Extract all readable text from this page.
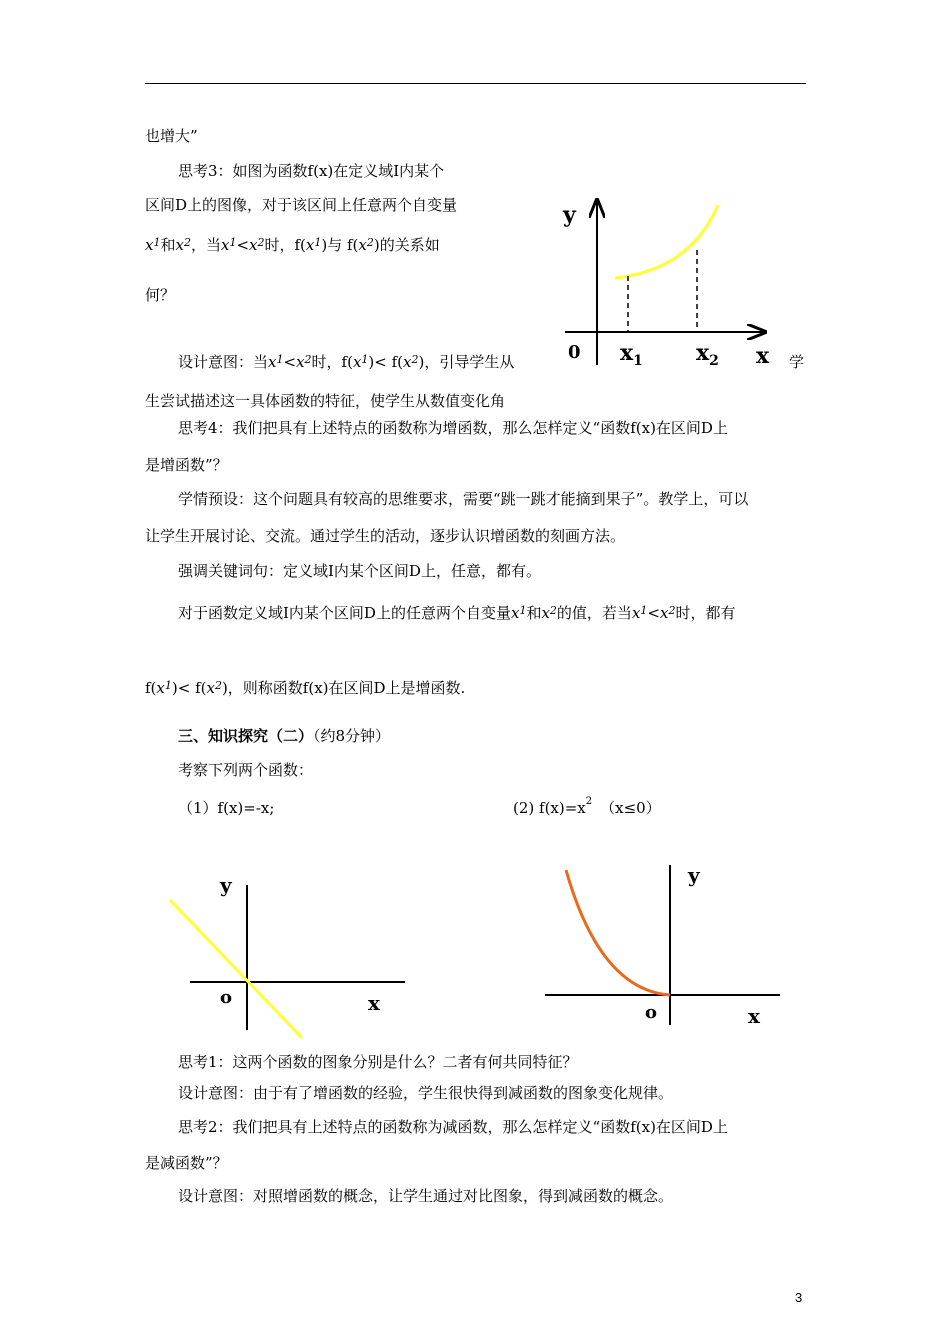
也增大”
思考3：如图为函数f(x)在定义域I内某个
区间D上的图像，对于该区间上任意两个自变量
$x^1$和$x^2$，当$x^1<x^2$时，$f(x^1)$与 $f(x^2)$的关系如
何？
设计意图：当$x^1<x^2$时，$f(x^1)< f(x^2)$，引导学生从	学
生尝试描述这一具体函数的特征，使学生从数值变化角
y
0 $x_1$ $x_2$ x
思考4：我们把具有上述特点的函数称为增函数，那么怎样定义“函数f(x)在区间D上
是增函数”？
学情预设：这个问题具有较高的思维要求，需要“跳一跳才能摘到果子”。教学上，可以
让学生开展讨论、交流。通过学生的活动，逐步认识增函数的刻画方法。
强调关键词句：定义域I内某个区间D上，任意，都有。
对于函数定义域I内某个区间D上的任意两个自变量$x^1$和$x^2$的值，若当$x^1<x^2$时，都有
$f(x^1)< f(x^2)$，则称函数f(x)在区间D上是增函数.
三、知识探究（二）（约8分钟）
考察下列两个函数：
（1）f(x)=-x;	(2) $f(x)=x^2$ （x≤0）
y
o	x
y
o	x
思考1：这两个函数的图象分别是什么？二者有何共同特征？
设计意图：由于有了增函数的经验，学生很快得到减函数的图象变化规律。
思考2：我们把具有上述特点的函数称为减函数，那么怎样定义“函数f(x)在区间D上
是减函数”？
设计意图：对照增函数的概念，让学生通过对比图象，得到减函数的概念。
3
